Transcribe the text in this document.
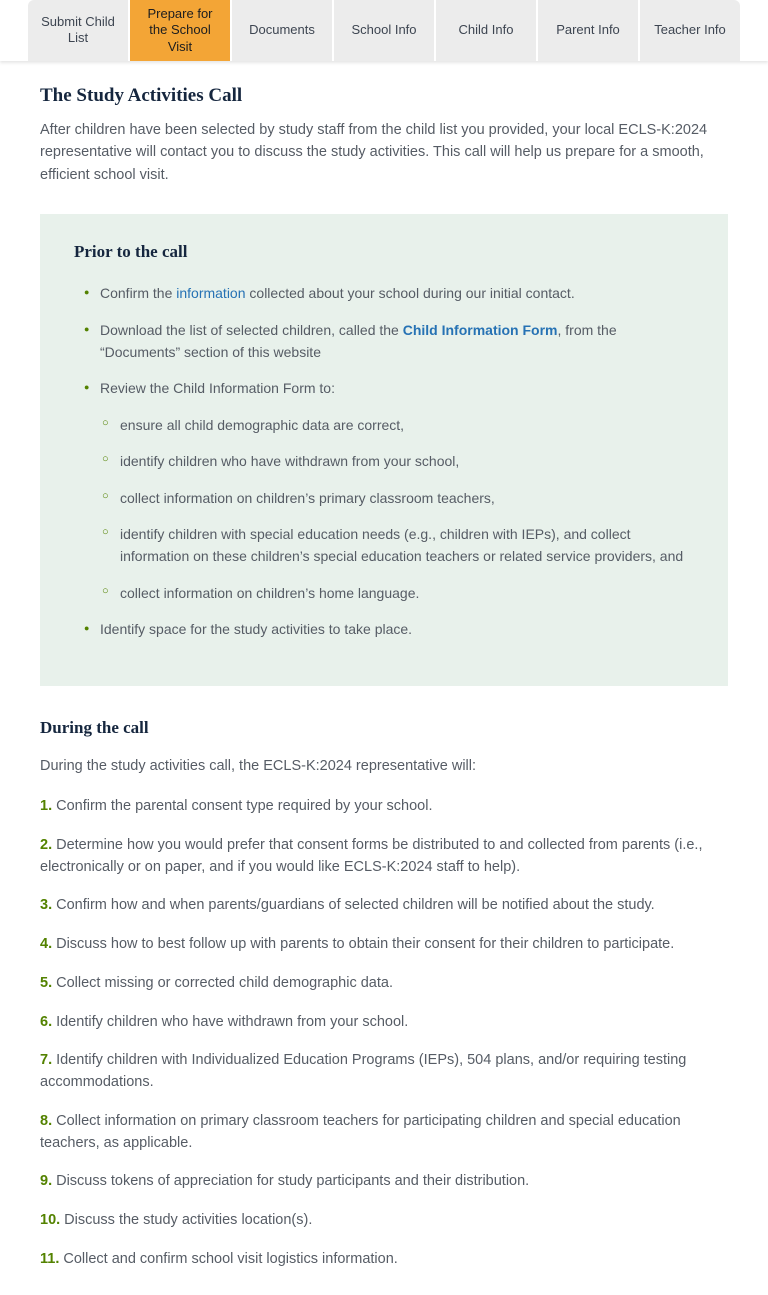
Submit Child List
Prepare for the School Visit
Documents	School Info	Child Info	Parent Info	Teacher Info
The Study Activities Call

After children have been selected by study staff from the child list you provided, your local ECLS-K:2024 representative will contact you to discuss the study activities. This call will help us prepare for a smooth, efficient school visit.

Prior to the call
● Confirm the information collected about your school during our initial contact.
● Download the list of selected children, called the Child Information Form, from the “Documents” section of this website
● Review the Child Information Form to:
○ ensure all child demographic data are correct,
○ identify children who have withdrawn from your school,
○ collect information on children’s primary classroom teachers,
○ identify children with special education needs (e.g., children with IEPs), and collect information on these children’s special education teachers or related service providers, and
○ collect information on children’s home language.
● Identify space for the study activities to take place.
During the call

During the study activities call, the ECLS-K:2024 representative will:

1. Confirm the parental consent type required by your school.
2. Determine how you would prefer that consent forms be distributed to and collected from parents (i.e., electronically or on paper, and if you would like ECLS-K:2024 staff to help).
3. Confirm how and when parents/guardians of selected children will be notified about the study.
4. Discuss how to best follow up with parents to obtain their consent for their children to participate.
5. Collect missing or corrected child demographic data.
6. Identify children who have withdrawn from your school.
7. Identify children with Individualized Education Programs (IEPs), 504 plans, and/or requiring testing accommodations.
8. Collect information on primary classroom teachers for participating children and special education teachers, as applicable.
9. Discuss tokens of appreciation for study participants and their distribution.
10. Discuss the study activities location(s).
11. Collect and confirm school visit logistics information.
